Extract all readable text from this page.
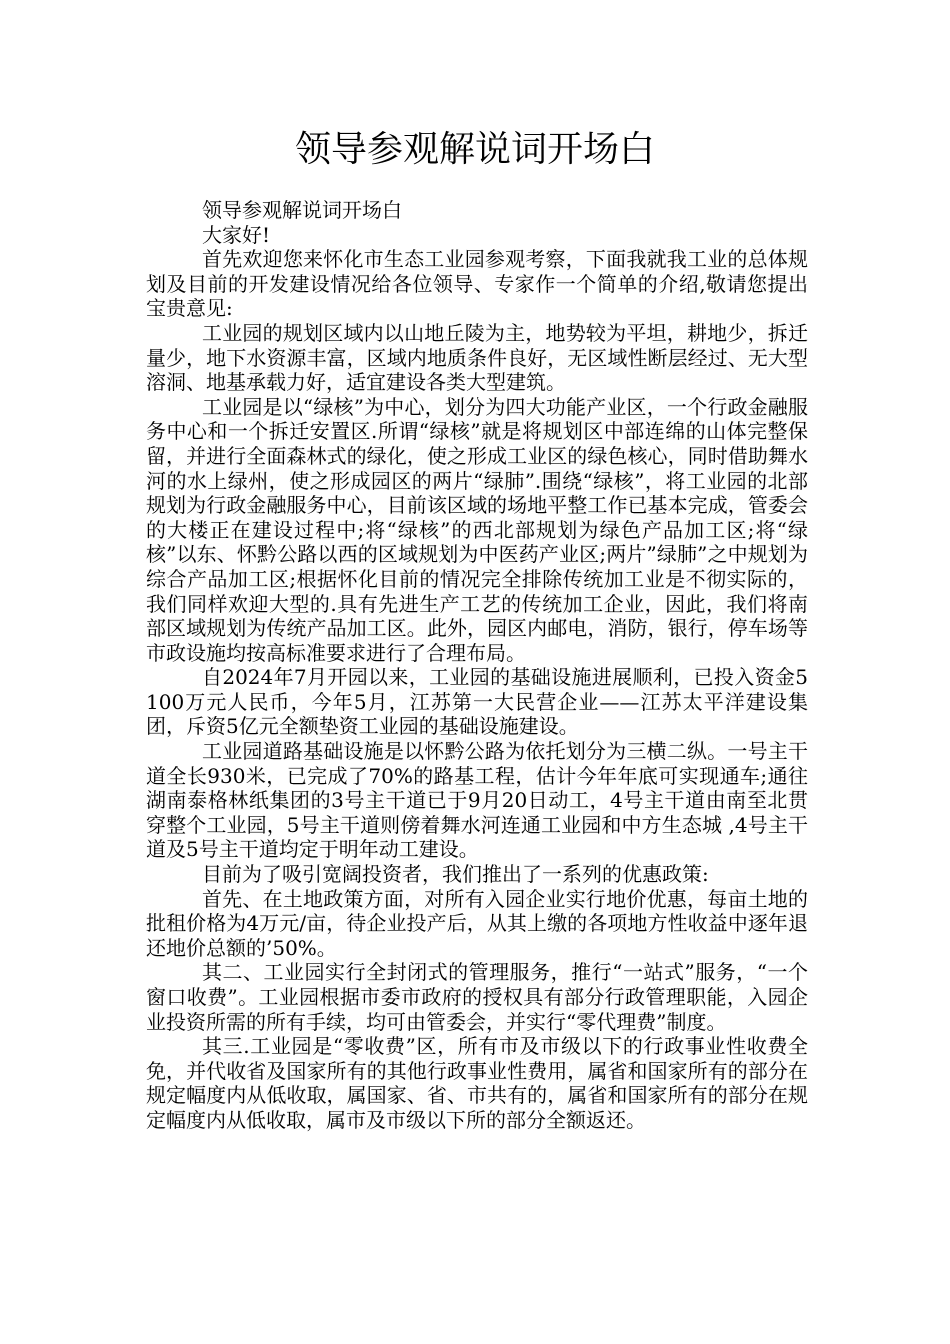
领导参观解说词开场白

领导参观解说词开场白

大家好!

首先欢迎您来怀化市生态工业园参观考察，下面我就我工业的总体规划及目前的开发建设情况给各位领导、专家作一个简单的介绍,敬请您提出宝贵意见:

工业园的规划区域内以山地丘陵为主，地势较为平坦，耕地少，拆迁量少，地下水资源丰富，区域内地质条件良好，无区域性断层经过、无大型溶洞、地基承载力好，适宜建设各类大型建筑。

工业园是以“绿核”为中心，划分为四大功能产业区，一个行政金融服务中心和一个拆迁安置区.所谓“绿核”就是将规划区中部连绵的山体完整保留，并进行全面森林式的绿化，使之形成工业区的绿色核心，同时借助舞水河的水上绿州，使之形成园区的两片“绿肺”.围绕“绿核”，将工业园的北部规划为行政金融服务中心，目前该区域的场地平整工作已基本完成，管委会的大楼正在建设过程中;将“绿核”的西北部规划为绿色产品加工区;将“绿核”以东、怀黔公路以西的区域规划为中医药产业区;两片”绿肺”之中规划为综合产品加工区;根据怀化目前的情况完全排除传统加工业是不彻实际的，我们同样欢迎大型的.具有先进生产工艺的传统加工企业，因此，我们将南部区域规划为传统产品加工区。此外，园区内邮电，消防，银行，停车场等市政设施均按高标准要求进行了合理布局。

自2024年7月开园以来，工业园的基础设施进展顺利，已投入资金5100万元人民币，今年5月，江苏第一大民营企业——江苏太平洋建设集团，斥资5亿元全额垫资工业园的基础设施建设。

工业园道路基础设施是以怀黔公路为依托划分为三横二纵。一号主干道全长930米，已完成了70%的路基工程，估计今年年底可实现通车;通往湖南泰格林纸集团的3号主干道已于9月20日动工，4号主干道由南至北贯穿整个工业园，5号主干道则傍着舞水河连通工业园和中方生态城 ,4号主干道及5号主干道均定于明年动工建设。

目前为了吸引宽阔投资者，我们推出了一系列的优惠政策:

首先、在土地政策方面，对所有入园企业实行地价优惠，每亩土地的批租价格为4万元/亩，待企业投产后，从其上缴的各项地方性收益中逐年退还地价总额的’50%。

其二、工业园实行全封闭式的管理服务，推行“一站式”服务，“一个窗口收费”。工业园根据市委市政府的授权具有部分行政管理职能，入园企业投资所需的所有手续，均可由管委会，并实行“零代理费”制度。

其三.工业园是“零收费”区，所有市及市级以下的行政事业性收费全免，并代收省及国家所有的其他行政事业性费用，属省和国家所有的部分在规定幅度内从低收取，属国家、省、市共有的，属省和国家所有的部分在规定幅度内从低收取，属市及市级以下所的部分全额返还。
